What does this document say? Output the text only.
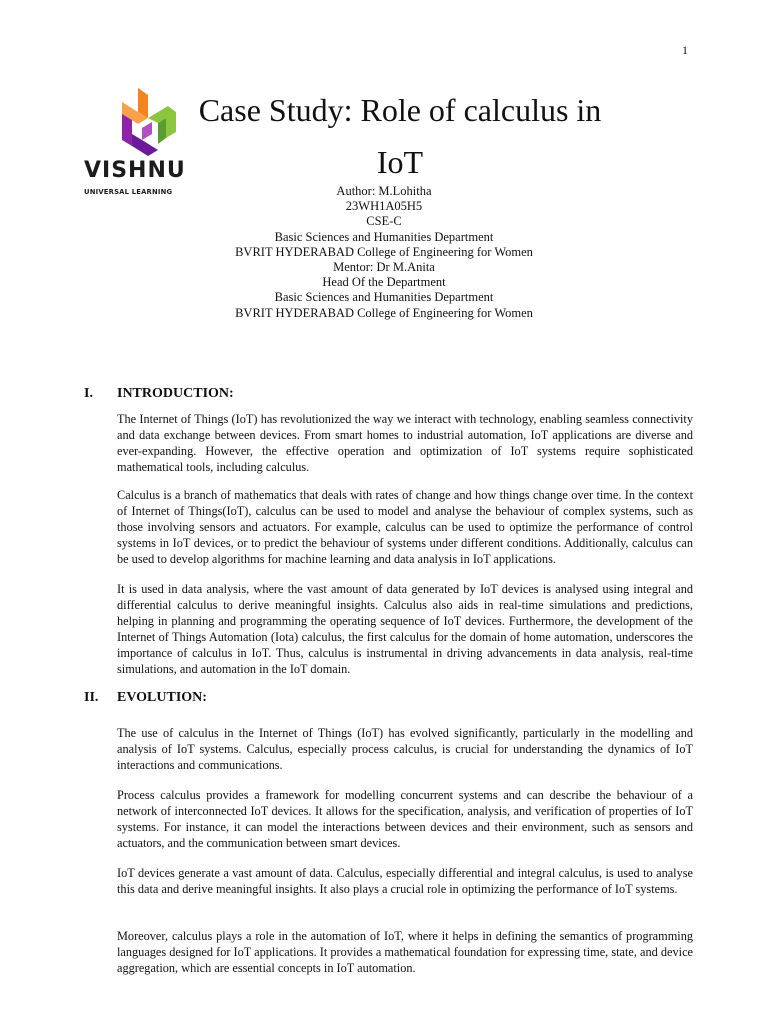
1
VISHNU
UNIVERSAL LEARNING
Case Study: Role of calculus in IoT
Author: M.Lohitha
23WH1A05H5
CSE-C
Basic Sciences and Humanities Department
BVRIT HYDERABAD College of Engineering for Women
Mentor: Dr M.Anita
Head Of the Department
Basic Sciences and Humanities Department
BVRIT HYDERABAD College of Engineering for Women
I.	INTRODUCTION:

The Internet of Things (IoT) has revolutionized the way we interact with technology, enabling seamless connectivity and data exchange between devices. From smart homes to industrial automation, IoT applications are diverse and ever-expanding. However, the effective operation and optimization of IoT systems require sophisticated mathematical tools, including calculus.

Calculus is a branch of mathematics that deals with rates of change and how things change over time. In the context of Internet of Things(IoT), calculus can be used to model and analyse the behaviour of complex systems, such as those involving sensors and actuators. For example, calculus can be used to optimize the performance of control systems in IoT devices, or to predict the behaviour of systems under different conditions. Additionally, calculus can be used to develop algorithms for machine learning and data analysis in IoT applications.

It is used in data analysis, where the vast amount of data generated by IoT devices is analysed using integral and differential calculus to derive meaningful insights. Calculus also aids in real-time simulations and predictions, helping in planning and programming the operating sequence of IoT devices. Furthermore, the development of the Internet of Things Automation (Iota) calculus, the first calculus for the domain of home automation, underscores the importance of calculus in IoT. Thus, calculus is instrumental in driving advancements in data analysis, real-time simulations, and automation in the IoT domain.

II.	EVOLUTION:

The use of calculus in the Internet of Things (IoT) has evolved significantly, particularly in the modelling and analysis of IoT systems. Calculus, especially process calculus, is crucial for understanding the dynamics of IoT interactions and communications.

Process calculus provides a framework for modelling concurrent systems and can describe the behaviour of a network of interconnected IoT devices. It allows for the specification, analysis, and verification of properties of IoT systems. For instance, it can model the interactions between devices and their environment, such as sensors and actuators, and the communication between smart devices.

IoT devices generate a vast amount of data. Calculus, especially differential and integral calculus, is used to analyse this data and derive meaningful insights. It also plays a crucial role in optimizing the performance of IoT systems.

Moreover, calculus plays a role in the automation of IoT, where it helps in defining the semantics of programming languages designed for IoT applications. It provides a mathematical foundation for expressing time, state, and device aggregation, which are essential concepts in IoT automation.
